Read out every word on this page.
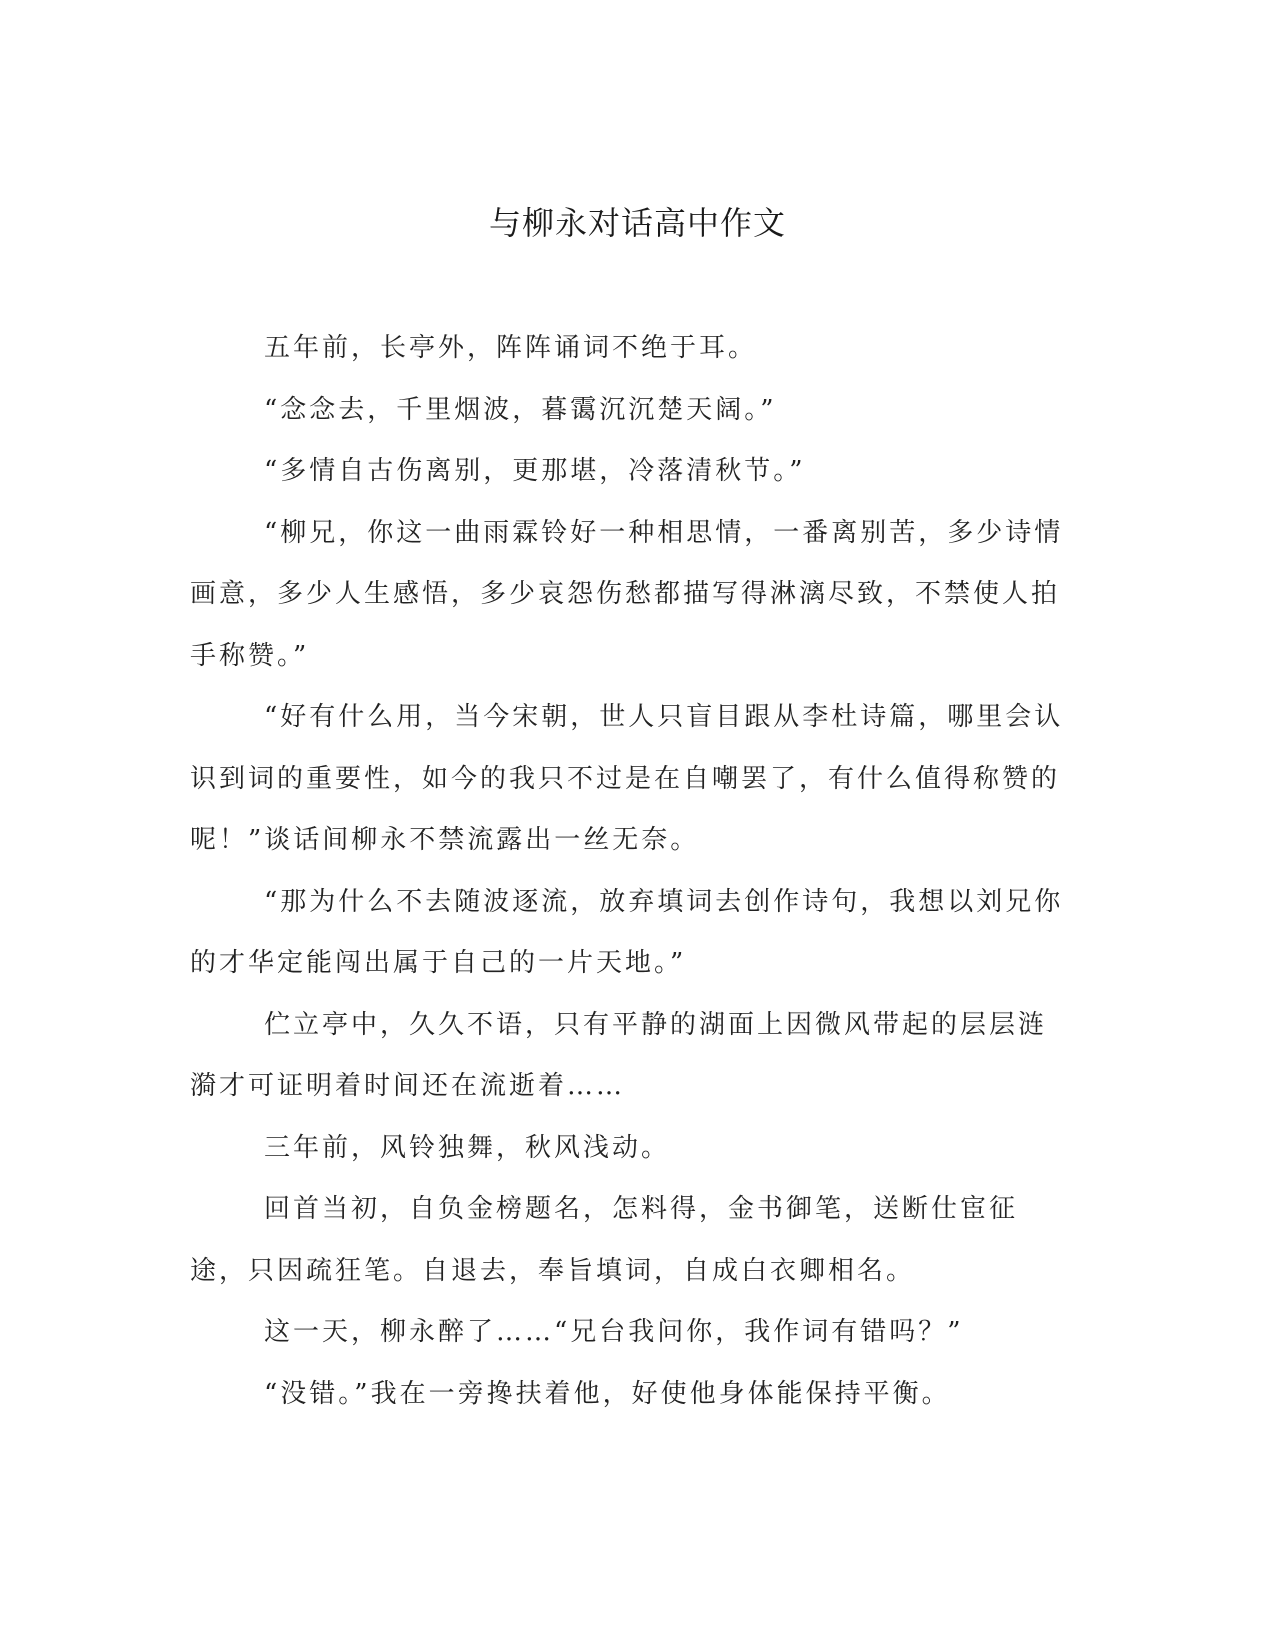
与柳永对话高中作文

五年前，长亭外，阵阵诵词不绝于耳。

“念念去，千里烟波，暮霭沉沉楚天阔。”

“多情自古伤离别，更那堪，冷落清秋节。”

“柳兄，你这一曲雨霖铃好一种相思情，一番离别苦，多少诗情画意，多少人生感悟，多少哀怨伤愁都描写得淋漓尽致，不禁使人拍手称赞。”

“好有什么用，当今宋朝，世人只盲目跟从李杜诗篇，哪里会认识到词的重要性，如今的我只不过是在自嘲罢了，有什么值得称赞的呢！”谈话间柳永不禁流露出一丝无奈。

“那为什么不去随波逐流，放弃填词去创作诗句，我想以刘兄你的才华定能闯出属于自己的一片天地。”

伫立亭中，久久不语，只有平静的湖面上因微风带起的层层涟漪才可证明着时间还在流逝着……

三年前，风铃独舞，秋风浅动。

回首当初，自负金榜题名，怎料得，金书御笔，送断仕宦征途，只因疏狂笔。自退去，奉旨填词，自成白衣卿相名。

这一天，柳永醉了……“兄台我问你，我作词有错吗？”

“没错。”我在一旁搀扶着他，好使他身体能保持平衡。
